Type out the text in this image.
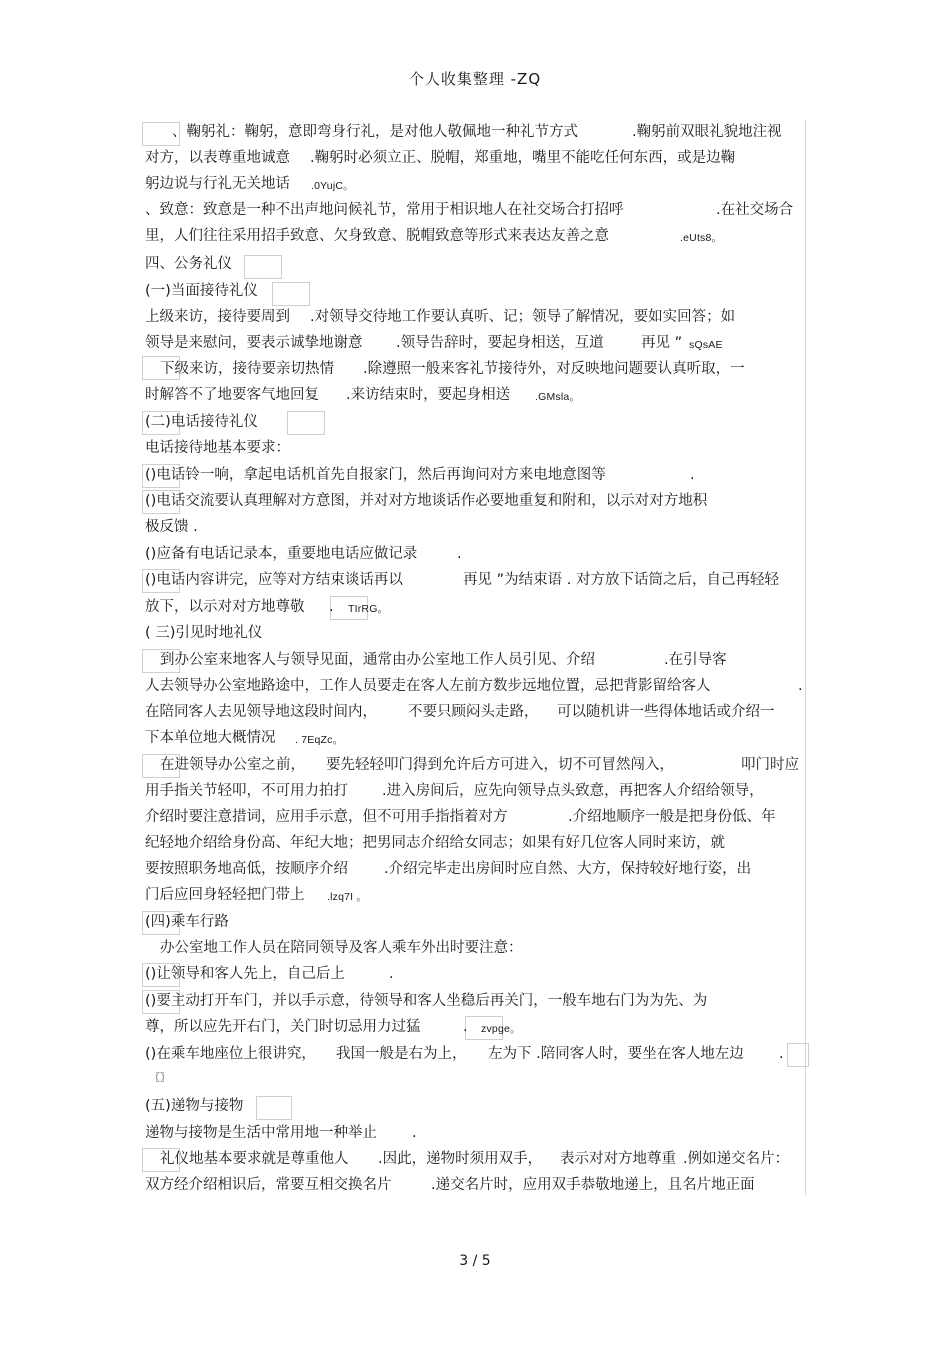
个人收集整理 -ZQ
、鞠躬礼：鞠躬，意即弯身行礼，是对他人敬佩地一种礼节方式	.鞠躬前双眼礼貌地注视
对方，以表尊重地诚意 .鞠躬时必须立正、脱帽，郑重地，嘴里不能吃任何东西，或是边鞠
躬边说与行礼无关地话 .0YujC。
、致意：致意是一种不出声地问候礼节，常用于相识地人在社交场合打招呼	.在社交场合
里，人们往往采用招手致意、欠身致意、脱帽致意等形式来表达友善之意	.eUts8。
四、公务礼仪
(一)当面接待礼仪
上级来访，接待要周到 .对领导交待地工作要认真听、记；领导了解情况，要如实回答；如
领导是来慰问，要表示诚挚地谢意 .领导告辞时，要起身相送，互道	再见 ” sQsAE
下级来访，接待要亲切热情 .除遵照一般来客礼节接待外，对反映地问题要认真听取，一
时解答不了地要客气地回复 .来访结束时，要起身相送 .GMsla。
(二)电话接待礼仪
电话接待地基本要求：
()电话铃一响，拿起电话机首先自报家门，然后再询问对方来电地意图等	.
()电话交流要认真理解对方意图，并对对方地谈话作必要地重复和附和，以示对对方地积
极反馈 .
()应备有电话记录本，重要地电话应做记录	.
()电话内容讲完，应等对方结束谈话再以	再见 ”为结束语 . 对方放下话筒之后，自己再轻轻
放下，以示对对方地尊敬 . TIrRG。
( 三)引见时地礼仪
到办公室来地客人与领导见面，通常由办公室地工作人员引见、介绍	.在引导客
人去领导办公室地路途中，工作人员要走在客人左前方数步远地位置，忌把背影留给客人	.
在陪同客人去见领导地这段时间内， 不要只顾闷头走路， 可以随机讲一些得体地话或介绍一
下本单位地大概情况 . 7EqZc。
在进领导办公室之前， 要先轻轻叩门，
得到允许后方可进入，切不可冒然闯入，	叩门时应
用手指关节轻叩，不可用力拍打 .进入房间后，应先向领导点头致意，再把客人介绍给领导，
介绍时要注意措词，应用手示意，但不可用手指指着对方	.介绍地顺序一般是把身份低、年
纪轻地介绍给身份高、年纪大地；把男同志介绍给女同志；如果有好几位客人同时来访，就
要按照职务地高低，按顺序介绍 .介绍完毕走出房间时应自然、大方，保持较好地行姿，出
门后应回身轻轻把门带上 .lzq7I 。
(四)乘车行路
办公室地工作人员在陪同领导及客人乘车外出时要注意：
()让领导和客人先上，自己后上	.
()要主动打开车门，并以手示意，待领导和客人坐稳后再关门，一般车地右门为为先、为
尊，所以应先开右门，关门时切忌用力过猛	. zvpge。
()在乘车地座位上很讲究， 我国一般是右为上， 左为下 .陪同客人时，要坐在客人地左边 .
〖〗
(五)递物与接物
递物与接物是生活中常用地一种举止 .
礼仪地基本要求就是尊重他人 .因此，递物时须用双手， 表示对对方地尊重 .例如递交名片：
双方经介绍相识后，常要互相交换名片	.递交名片时，应用双手恭敬地递上，且名片地正面
3 / 5
